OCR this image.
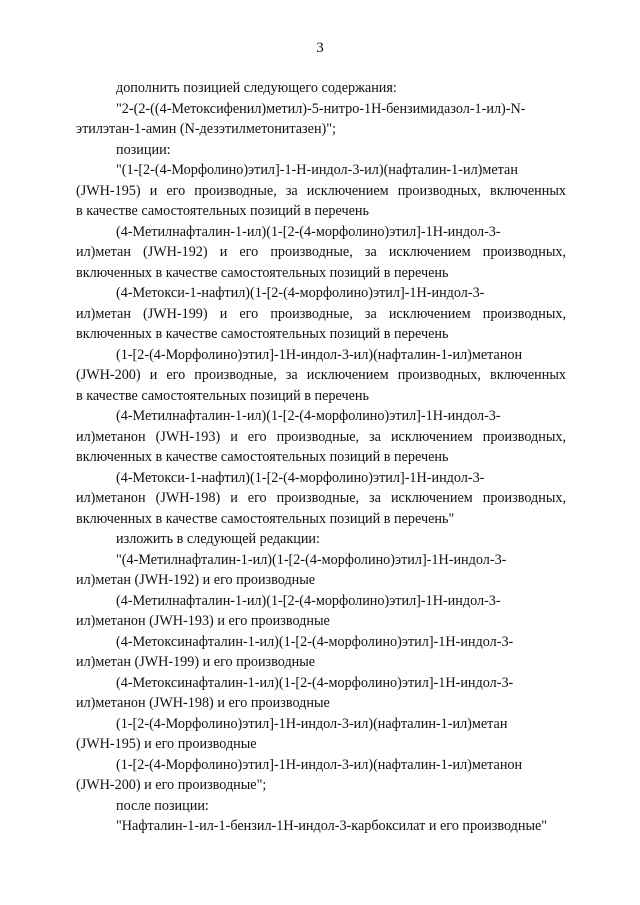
3
дополнить позицией следующего содержания:
"2-(2-((4-Метоксифенил)метил)-5-нитро-1Н-бензимидазол-1-ил)-N-
этилэтан-1-амин (N-дезэтилметонитазен)";
позиции:
"(1-[2-(4-Морфолино)этил]-1-Н-индол-3-ил)(нафталин-1-ил)метан
(JWH-195) и его производные, за исключением производных, включенных
в качестве самостоятельных позиций в перечень
(4-Метилнафталин-1-ил)(1-[2-(4-морфолино)этил]-1Н-индол-3-
ил)метан (JWH-192) и его производные, за исключением производных,
включенных в качестве самостоятельных позиций в перечень
(4-Метокси-1-нафтил)(1-[2-(4-морфолино)этил]-1Н-индол-3-
ил)метан (JWH-199) и его производные, за исключением производных,
включенных в качестве самостоятельных позиций в перечень
(1-[2-(4-Морфолино)этил]-1Н-индол-3-ил)(нафталин-1-ил)метанон
(JWH-200) и его производные, за исключением производных, включенных
в качестве самостоятельных позиций в перечень
(4-Метилнафталин-1-ил)(1-[2-(4-морфолино)этил]-1Н-индол-3-
ил)метанон (JWH-193) и его производные, за исключением производных,
включенных в качестве самостоятельных позиций в перечень
(4-Метокси-1-нафтил)(1-[2-(4-морфолино)этил]-1Н-индол-3-
ил)метанон (JWH-198) и его производные, за исключением производных,
включенных в качестве самостоятельных позиций в перечень"
изложить в следующей редакции:
"(4-Метилнафталин-1-ил)(1-[2-(4-морфолино)этил]-1Н-индол-3-
ил)метан (JWH-192) и его производные
(4-Метилнафталин-1-ил)(1-[2-(4-морфолино)этил]-1Н-индол-3-
ил)метанон (JWH-193) и его производные
(4-Метоксинафталин-1-ил)(1-[2-(4-морфолино)этил]-1Н-индол-3-
ил)метан (JWH-199) и его производные
(4-Метоксинафталин-1-ил)(1-[2-(4-морфолино)этил]-1Н-индол-3-
ил)метанон (JWH-198) и его производные
(1-[2-(4-Морфолино)этил]-1Н-индол-3-ил)(нафталин-1-ил)метан
(JWH-195) и его производные
(1-[2-(4-Морфолино)этил]-1Н-индол-3-ил)(нафталин-1-ил)метанон
(JWH-200) и его производные";
после позиции:
"Нафталин-1-ил-1-бензил-1Н-индол-3-карбоксилат и его производные"
